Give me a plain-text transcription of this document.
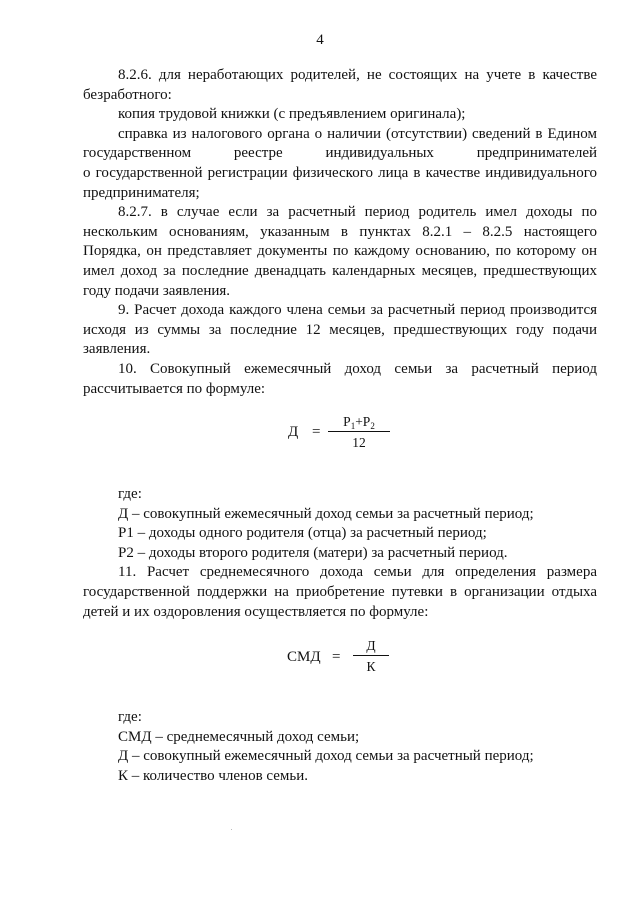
4

8.2.6. для неработающих родителей, не состоящих на учете в качестве

безработного:

копия трудовой книжки (с предъявлением оригинала);

справка из налогового органа о наличии (отсутствии) сведений в Едином

государственном реестре индивидуальных предпринимателей

о государственной регистрации физического лица в качестве индивидуального предпринимателя;

8.2.7. в случае если за расчетный период родитель имел доходы по нескольким основаниям, указанным в пунктах 8.2.1 – 8.2.5 настоящего Порядка, он представляет документы по каждому основанию, по которому он имел доход за последние двенадцать календарных месяцев, предшествующих году подачи заявления.

9. Расчет дохода каждого члена семьи за расчетный период производится исходя из суммы за последние 12 месяцев, предшествующих году подачи заявления.

10. Совокупный ежемесячный доход семьи за расчетный период рассчитывается по формуле:

Д =
$Р_1+Р_2$
12

где:

Д – совокупный ежемесячный доход семьи за расчетный период;

Р1 – доходы одного родителя (отца) за расчетный период;

Р2 – доходы второго родителя (матери) за расчетный период.

11. Расчет среднемесячного дохода семьи для определения размера государственной поддержки на приобретение путевки в организации отдыха детей и их оздоровления осуществляется по формуле:

СМД =
Д
К

где:

СМД – среднемесячный доход семьи;

Д – совокупный ежемесячный доход семьи за расчетный период;

К – количество членов семьи.
